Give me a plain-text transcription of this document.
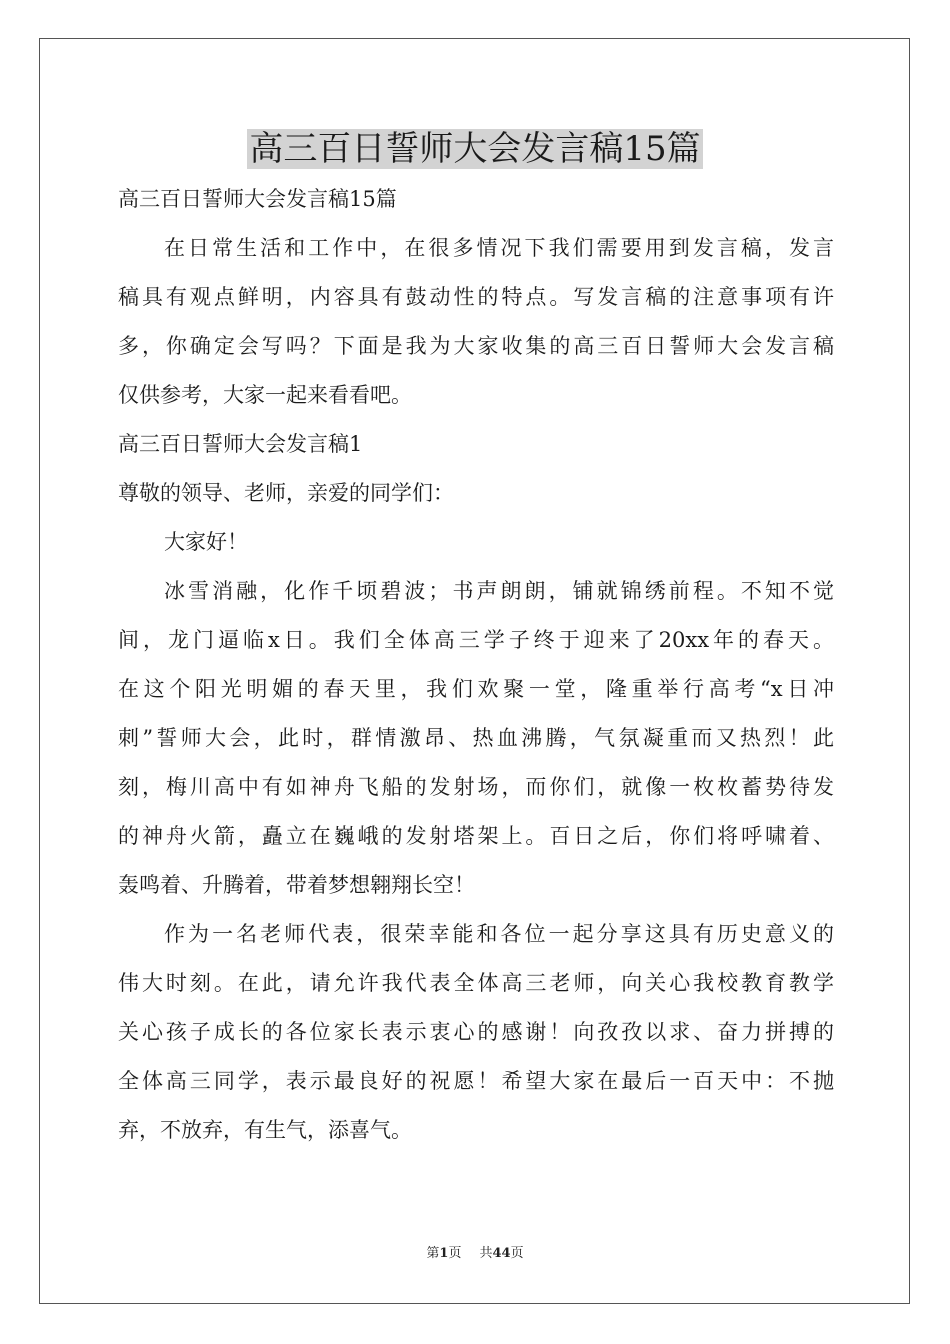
高三百日誓师大会发言稿15篇

高三百日誓师大会发言稿15篇

在日常生活和工作中，在很多情况下我们需要用到发言稿，发言

稿具有观点鲜明，内容具有鼓动性的特点。写发言稿的注意事项有许

多，你确定会写吗？下面是我为大家收集的高三百日誓师大会发言稿

仅供参考，大家一起来看看吧。

高三百日誓师大会发言稿1

尊敬的领导、老师，亲爱的同学们：

大家好！

冰雪消融，化作千顷碧波；书声朗朗，铺就锦绣前程。不知不觉

间，龙门逼临x日。我们全体高三学子终于迎来了20xx年的春天。

在这个阳光明媚的春天里，我们欢聚一堂，隆重举行高考“x日冲

刺”誓师大会，此时，群情激昂、热血沸腾，气氛凝重而又热烈！此

刻，梅川高中有如神舟飞船的发射场，而你们，就像一枚枚蓄势待发

的神舟火箭，矗立在巍峨的发射塔架上。百日之后，你们将呼啸着、

轰鸣着、升腾着，带着梦想翱翔长空！

作为一名老师代表，很荣幸能和各位一起分享这具有历史意义的

伟大时刻。在此，请允许我代表全体高三老师，向关心我校教育教学

关心孩子成长的各位家长表示衷心的感谢！向孜孜以求、奋力拼搏的

全体高三同学，表示最良好的祝愿！希望大家在最后一百天中：不抛

弃，不放弃，有生气，添喜气。

第1页 共44页
